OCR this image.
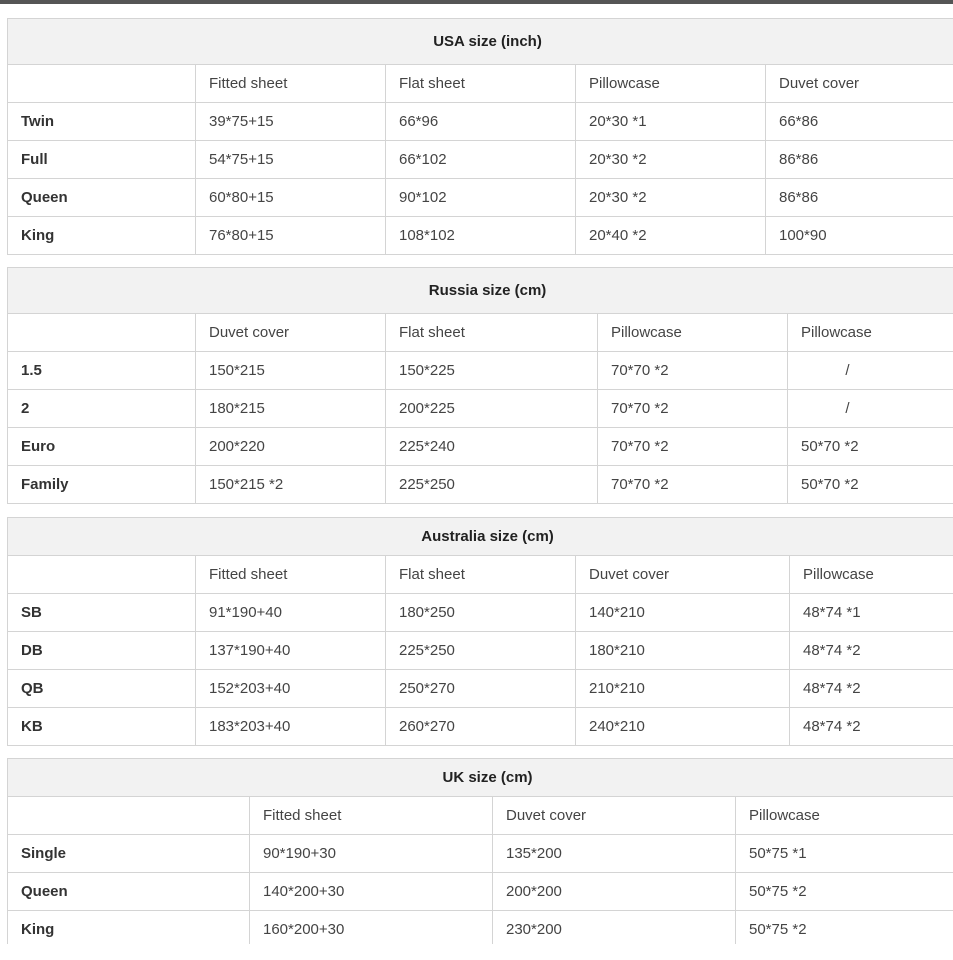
USA size (inch)				
	Fitted sheet	Flat sheet	Pillowcase	Duvet cover
Twin	39*75+15	66*96	20*30 *1	66*86
Full	54*75+15	66*102	20*30 *2	86*86
Queen	60*80+15	90*102	20*30 *2	86*86
King	76*80+15	108*102	20*40 *2	100*90
Russia size (cm)				
	Duvet cover	Flat sheet	Pillowcase	Pillowcase
1.5	150*215	150*225	70*70 *2	/
2	180*215	200*225	70*70 *2	/
Euro	200*220	225*240	70*70 *2	50*70 *2
Family	150*215 *2	225*250	70*70 *2	50*70 *2
Australia size (cm)				
	Fitted sheet	Flat sheet	Duvet cover	Pillowcase
SB	91*190+40	180*250	140*210	48*74 *1
DB	137*190+40	225*250	180*210	48*74 *2
QB	152*203+40	250*270	210*210	48*74 *2
KB	183*203+40	260*270	240*210	48*74 *2
UK size (cm)			
	Fitted sheet	Duvet cover	Pillowcase
Single	90*190+30	135*200	50*75 *1
Queen	140*200+30	200*200	50*75 *2
King	160*200+30	230*200	50*75 *2
